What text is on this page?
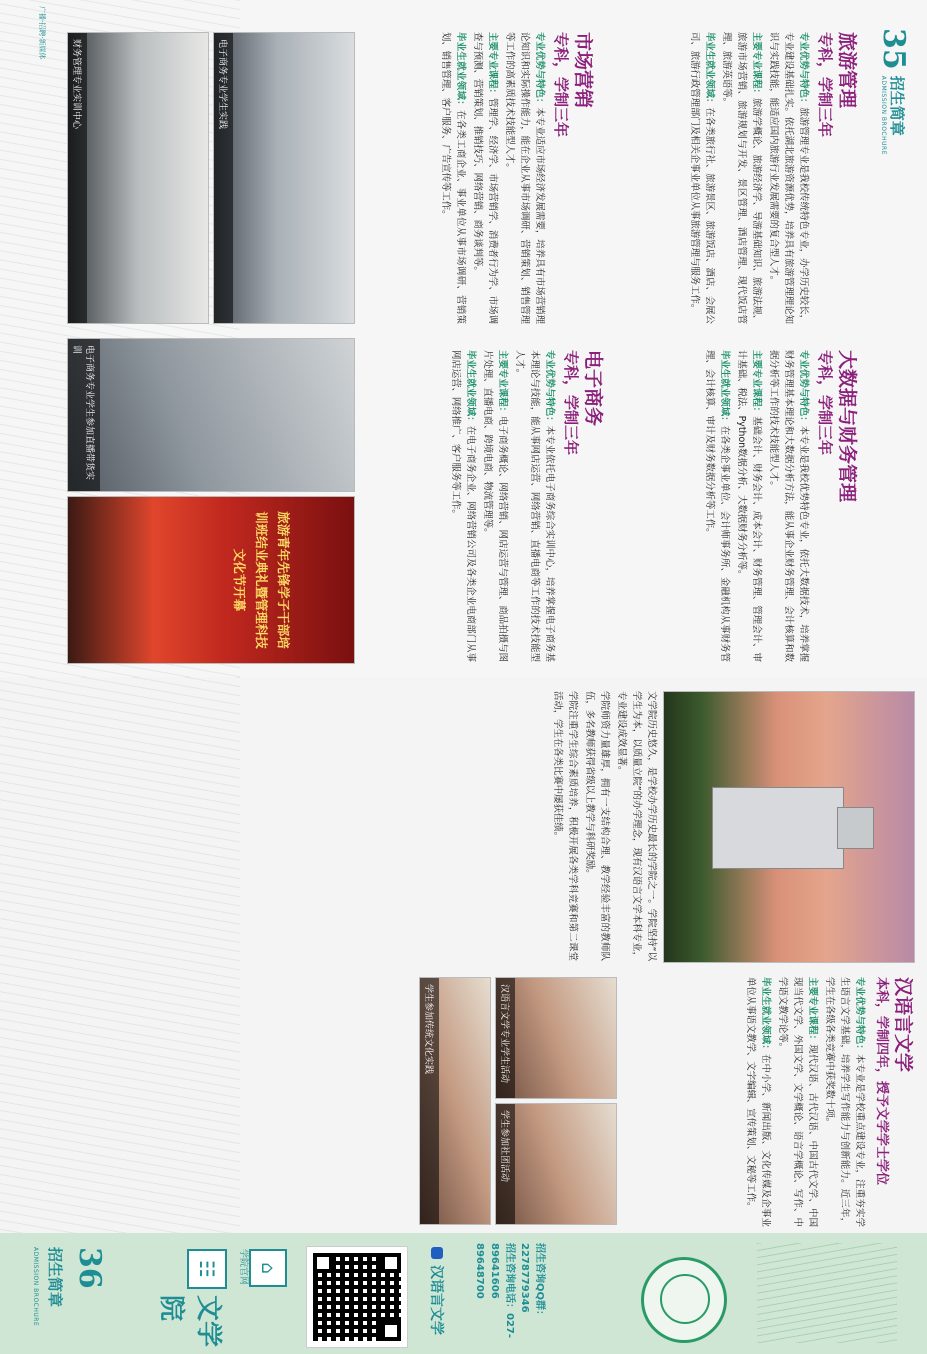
广播·招聘·新媒体	35
招生简章
ADMISSION BROCHURE
旅游管理
专科，学制三年

专业优势与特色：旅游管理专业是我校传统特色专业，办学历史较长，专业建设基础扎实。依托湖北旅游资源优势，培养具有旅游管理理论知识与实践技能，能适应国内旅游行业发展需要的复合型人才。

主要专业课程：旅游学概论、旅游经济学、导游基础知识、旅游法规、旅游市场营销、旅游规划与开发、景区管理、酒店管理、现代饭店管理、旅游英语等。

毕业生就业领域：在各类旅行社、旅游景区、旅游饭店、酒店、会展公司、旅游行政管理部门及相关企事业单位从事旅游管理与服务工作。

市场营销
专科，学制三年

专业优势与特色：本专业适应市场经济发展需要，培养具有市场营销理论知识和实际操作能力，能在企业从事市场调研、营销策划、销售管理等工作的高素质技术技能型人才。

主要专业课程：管理学、经济学、市场营销学、消费者行为学、市场调查与预测、营销策划、推销技巧、网络营销、商务谈判等。

毕业生就业领域：在各类工商企业、事业单位从事市场调研、营销策划、销售管理、客户服务、广告宣传等工作。

大数据与财务管理
专科，学制三年

专业优势与特色：本专业是我校优势特色专业，依托大数据技术，培养掌握财务管理基本理论和大数据分析方法，能从事企业财务管理、会计核算和数据分析等工作的技术技能型人才。

主要专业课程：基础会计、财务会计、成本会计、财务管理、管理会计、审计基础、税法、Python数据分析、大数据财务分析等。

毕业生就业领域：在各类企事业单位、会计师事务所、金融机构从事财务管理、会计核算、审计及财务数据分析等工作。

电子商务
专科，学制三年

专业优势与特色：本专业依托电子商务综合实训中心，培养掌握电子商务基本理论与技能，能从事网店运营、网络营销、直播电商等工作的技术技能型人才。

主要专业课程：电子商务概论、网络营销、网店运营与管理、商品拍摄与图片处理、直播电商、跨境电商、物流管理等。

毕业生就业领域：在电子商务企业、网络营销公司及各类企业电商部门从事网店运营、网络推广、客户服务等工作。

电子商务专业学生实践
财务管理专业实训中心
电子商务专业学生参加直播带货实训
旅游青年先锋学子干部培训班结业典礼暨管理科技文化节开幕

文学院历史悠久，是学校办学历史最长的学院之一。学院坚持“以学生为本，以质量立院”的办学理念，现有汉语言文学本科专业，专业建设成效显著。

学院师资力量雄厚，拥有一支结构合理、教学经验丰富的教师队伍，多名教师获得省级以上教学与科研奖励。

学院注重学生综合素质培养，积极开展各类学科竞赛和第二课堂活动，学生在各类比赛中屡获佳绩。

汉语言文学
本科，学制四年，授予文学学士学位

专业优势与特色：本专业是学校重点建设专业，注重夯实学生语言文学基础，培养学生写作能力与创新能力。近三年，学生在各级各类竞赛中获奖数十项。

主要专业课程：现代汉语、古代汉语、中国古代文学、中国现当代文学、外国文学、文学概论、语言学概论、写作、中学语文教学论等。

毕业生就业领域：在中小学、新闻出版、文化传媒及企事业单位从事语文教学、文字编辑、宣传策划、文秘等工作。

汉语言文学专业学生活动
学生参加社团活动
学生参加传统文化实践
36
招生简章
ADMISSION BROCHURE	☷
文学院
⌂
学院官网	汉语言文学	招生咨询QQ群：2278779346
招生咨询电话：027-89641606 89648700
